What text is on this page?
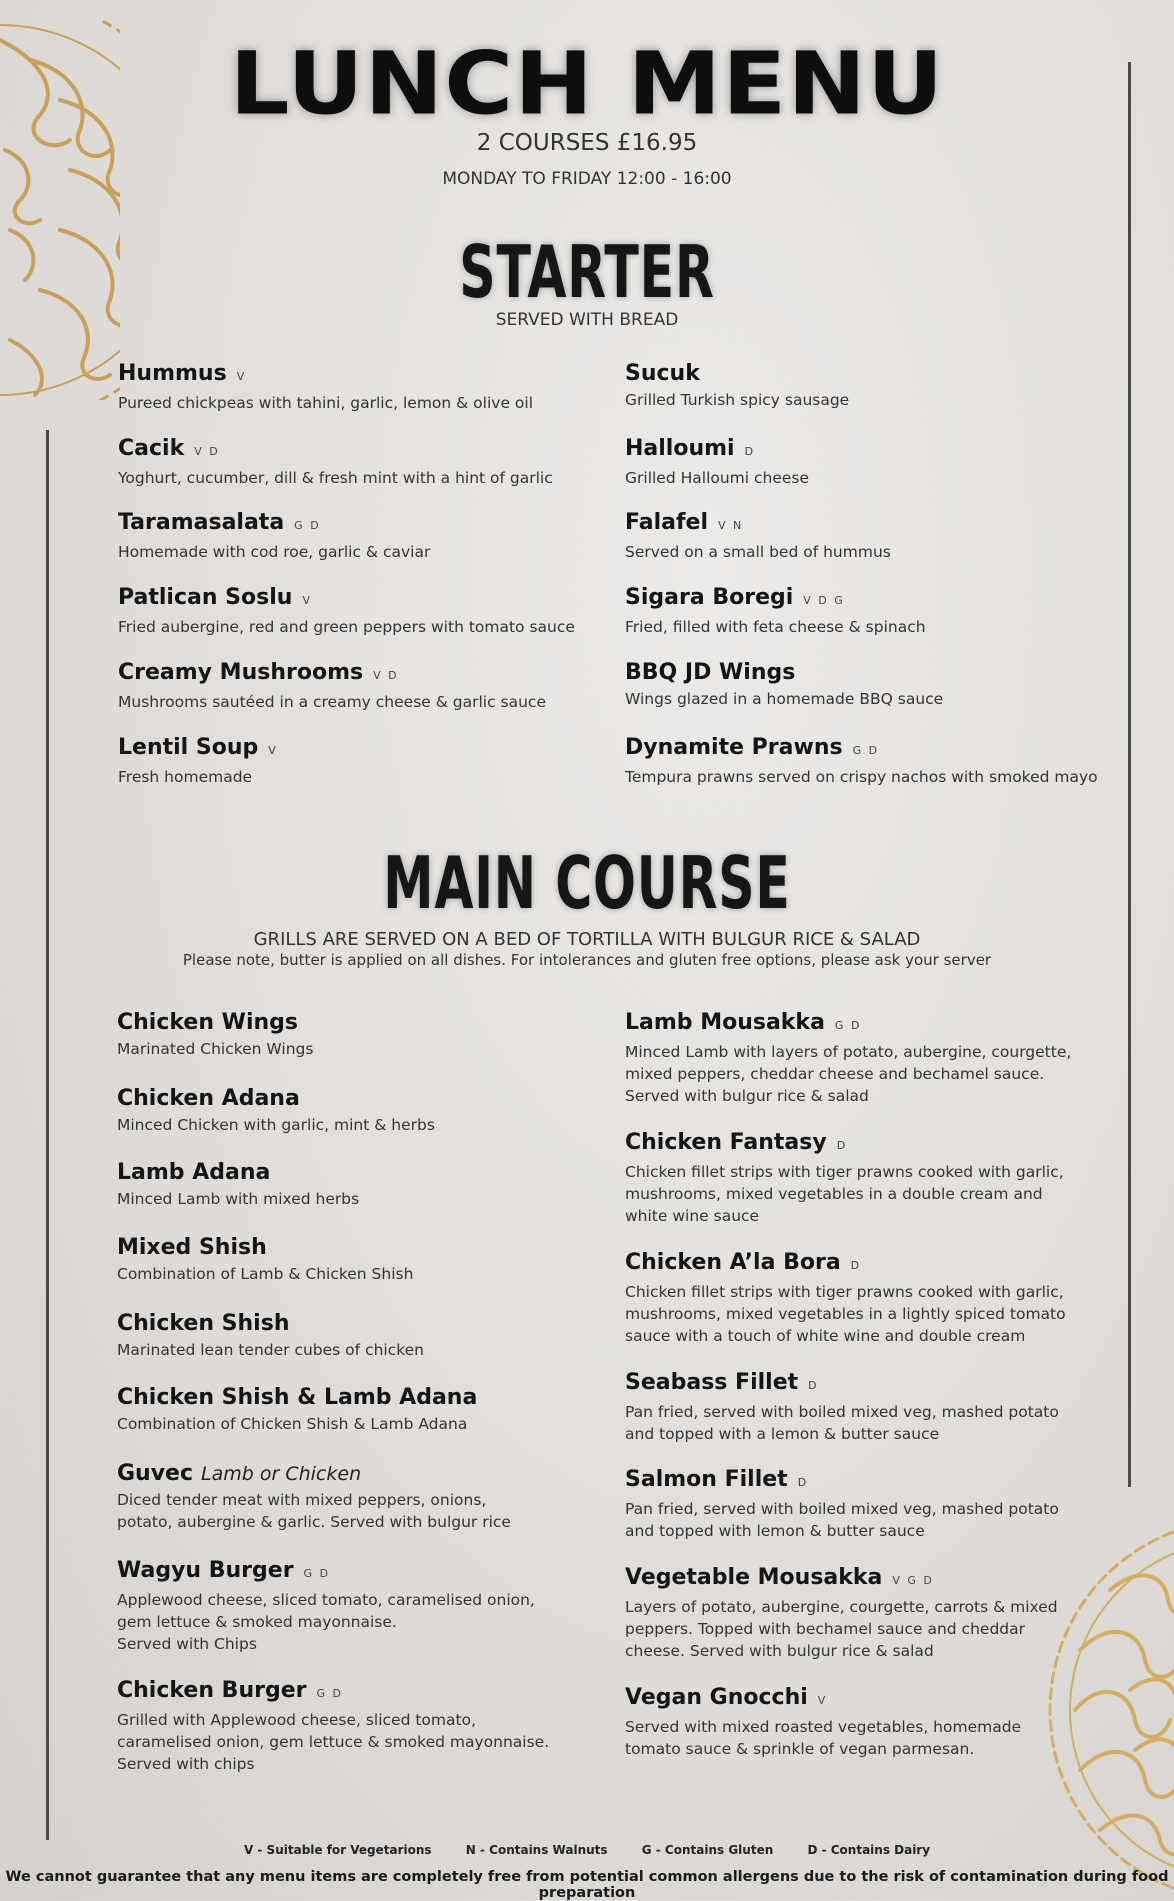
LUNCH MENU
2 COURSES £16.95
MONDAY TO FRIDAY 12:00 - 16:00
STARTER
SERVED WITH BREAD
Hummus V
Pureed chickpeas with tahini, garlic, lemon & olive oil
Cacik V D
Yoghurt, cucumber, dill & fresh mint with a hint of garlic
Taramasalata G D
Homemade with cod roe, garlic & caviar
Patlican Soslu V
Fried aubergine, red and green peppers with tomato sauce
Creamy Mushrooms V D
Mushrooms sautéed in a creamy cheese & garlic sauce
Lentil Soup V
Fresh homemade
Sucuk
Grilled Turkish spicy sausage
Halloumi D
Grilled Halloumi cheese
Falafel V N
Served on a small bed of hummus
Sigara Boregi V D G
Fried, filled with feta cheese & spinach
BBQ JD Wings
Wings glazed in a homemade BBQ sauce
Dynamite Prawns G D
Tempura prawns served on crispy nachos with smoked mayo
MAIN COURSE
GRILLS ARE SERVED ON A BED OF TORTILLA WITH BULGUR RICE & SALAD
Please note, butter is applied on all dishes. For intolerances and gluten free options, please ask your server
Chicken Wings
Marinated Chicken Wings
Chicken Adana
Minced Chicken with garlic, mint & herbs
Lamb Adana
Minced Lamb with mixed herbs
Mixed Shish
Combination of Lamb & Chicken Shish
Chicken Shish
Marinated lean tender cubes of chicken
Chicken Shish & Lamb Adana
Combination of Chicken Shish & Lamb Adana
Guvec Lamb or Chicken
Diced tender meat with mixed peppers, onions,
potato, aubergine & garlic. Served with bulgur rice
Wagyu Burger G D
Applewood cheese, sliced tomato, caramelised onion,
gem lettuce & smoked mayonnaise.
Served with Chips
Chicken Burger G D
Grilled with Applewood cheese, sliced tomato,
caramelised onion, gem lettuce & smoked mayonnaise.
Served with chips
Lamb Mousakka G D
Minced Lamb with layers of potato, aubergine, courgette,
mixed peppers, cheddar cheese and bechamel sauce.
Served with bulgur rice & salad
Chicken Fantasy D
Chicken fillet strips with tiger prawns cooked with garlic,
mushrooms, mixed vegetables in a double cream and
white wine sauce
Chicken A’la Bora D
Chicken fillet strips with tiger prawns cooked with garlic,
mushrooms, mixed vegetables in a lightly spiced tomato
sauce with a touch of white wine and double cream
Seabass Fillet D
Pan fried, served with boiled mixed veg, mashed potato
and topped with a lemon & butter sauce
Salmon Fillet D
Pan fried, served with boiled mixed veg, mashed potato
and topped with lemon & butter sauce
Vegetable Mousakka V G D
Layers of potato, aubergine, courgette, carrots & mixed
peppers. Topped with bechamel sauce and cheddar
cheese. Served with bulgur rice & salad
Vegan Gnocchi V
Served with mixed roasted vegetables, homemade
tomato sauce & sprinkle of vegan parmesan.
V - Suitable for Vegetarions	N - Contains Walnuts	G - Contains Gluten	D - Contains Dairy
We cannot guarantee that any menu items are completely free from potential common allergens due to the risk of contamination during food preparation
